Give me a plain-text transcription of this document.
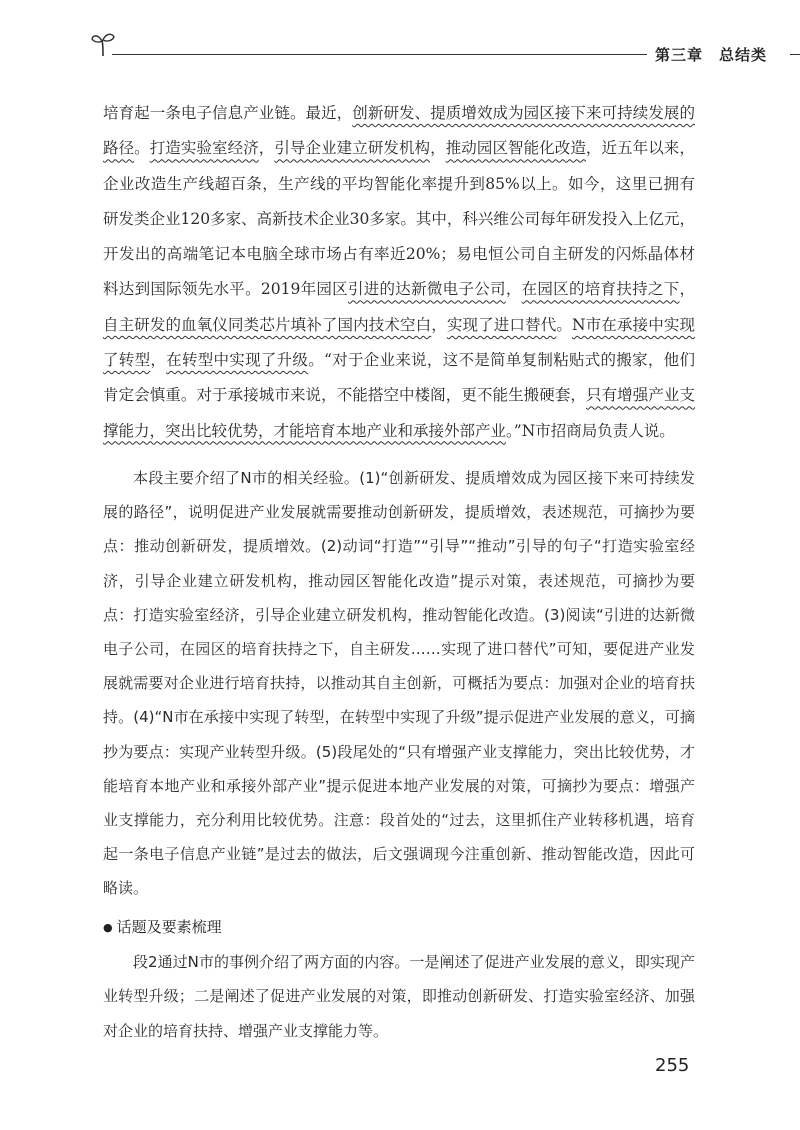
第三章　总结类

培育起一条电子信息产业链。最近，创新研发、提质增效成为园区接下来可持续发展的路径。打造实验室经济，引导企业建立研发机构，推动园区智能化改造，近五年以来，企业改造生产线超百条，生产线的平均智能化率提升到85%以上。如今，这里已拥有研发类企业120多家、高新技术企业30多家。其中，科兴维公司每年研发投入上亿元，开发出的高端笔记本电脑全球市场占有率近20%；易电恒公司自主研发的闪烁晶体材料达到国际领先水平。2019年园区引进的达新微电子公司，在园区的培育扶持之下，自主研发的血氧仪同类芯片填补了国内技术空白，实现了进口替代。N市在承接中实现了转型，在转型中实现了升级。“对于企业来说，这不是简单复制粘贴式的搬家，他们肯定会慎重。对于承接城市来说，不能搭空中楼阁，更不能生搬硬套，只有增强产业支撑能力，突出比较优势，才能培育本地产业和承接外部产业。”N市招商局负责人说。

本段主要介绍了N市的相关经验。(1)“创新研发、提质增效成为园区接下来可持续发展的路径”，说明促进产业发展就需要推动创新研发，提质增效，表述规范，可摘抄为要点：推动创新研发，提质增效。(2)动词“打造”“引导”“推动”引导的句子“打造实验室经济，引导企业建立研发机构，推动园区智能化改造”提示对策，表述规范，可摘抄为要点：打造实验室经济，引导企业建立研发机构，推动智能化改造。(3)阅读“引进的达新微电子公司，在园区的培育扶持之下，自主研发……实现了进口替代”可知，要促进产业发展就需要对企业进行培育扶持，以推动其自主创新，可概括为要点：加强对企业的培育扶持。(4)“N市在承接中实现了转型，在转型中实现了升级”提示促进产业发展的意义，可摘抄为要点：实现产业转型升级。(5)段尾处的“只有增强产业支撑能力，突出比较优势，才能培育本地产业和承接外部产业”提示促进本地产业发展的对策，可摘抄为要点：增强产业支撑能力，充分利用比较优势。注意：段首处的“过去，这里抓住产业转移机遇，培育起一条电子信息产业链”是过去的做法，后文强调现今注重创新、推动智能改造，因此可略读。

● 话题及要素梳理

段2通过N市的事例介绍了两方面的内容。一是阐述了促进产业发展的意义，即实现产业转型升级；二是阐述了促进产业发展的对策，即推动创新研发、打造实验室经济、加强对企业的培育扶持、增强产业支撑能力等。

255
